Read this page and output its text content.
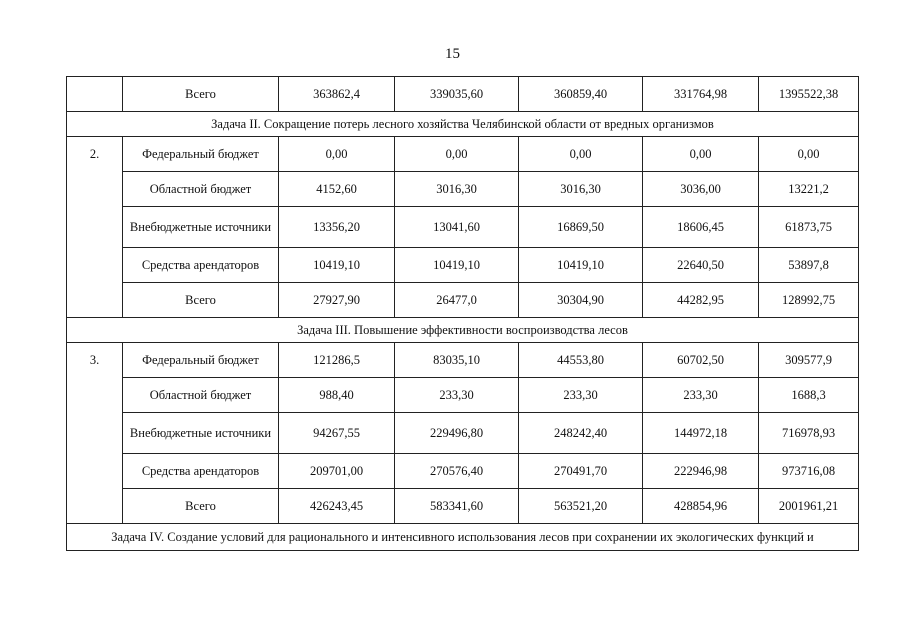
15
	Всего	363862,4	339035,60	360859,40	331764,98	1395522,38
Задача II. Сокращение потерь лесного хозяйства Челябинской области от вредных организмов						
2.	Федеральный бюджет	0,00	0,00	0,00	0,00	0,00
	Областной бюджет	4152,60	3016,30	3016,30	3036,00	13221,2
	Внебюджетные источники	13356,20	13041,60	16869,50	18606,45	61873,75
	Средства арендаторов	10419,10	10419,10	10419,10	22640,50	53897,8
	Всего	27927,90	26477,0	30304,90	44282,95	128992,75
Задача III. Повышение эффективности воспроизводства лесов						
3.	Федеральный бюджет	121286,5	83035,10	44553,80	60702,50	309577,9
	Областной бюджет	988,40	233,30	233,30	233,30	1688,3
	Внебюджетные источники	94267,55	229496,80	248242,40	144972,18	716978,93
	Средства арендаторов	209701,00	270576,40	270491,70	222946,98	973716,08
	Всего	426243,45	583341,60	563521,20	428854,96	2001961,21
Задача IV. Создание условий для рационального и интенсивного использования лесов при сохранении их экологических функций и						
